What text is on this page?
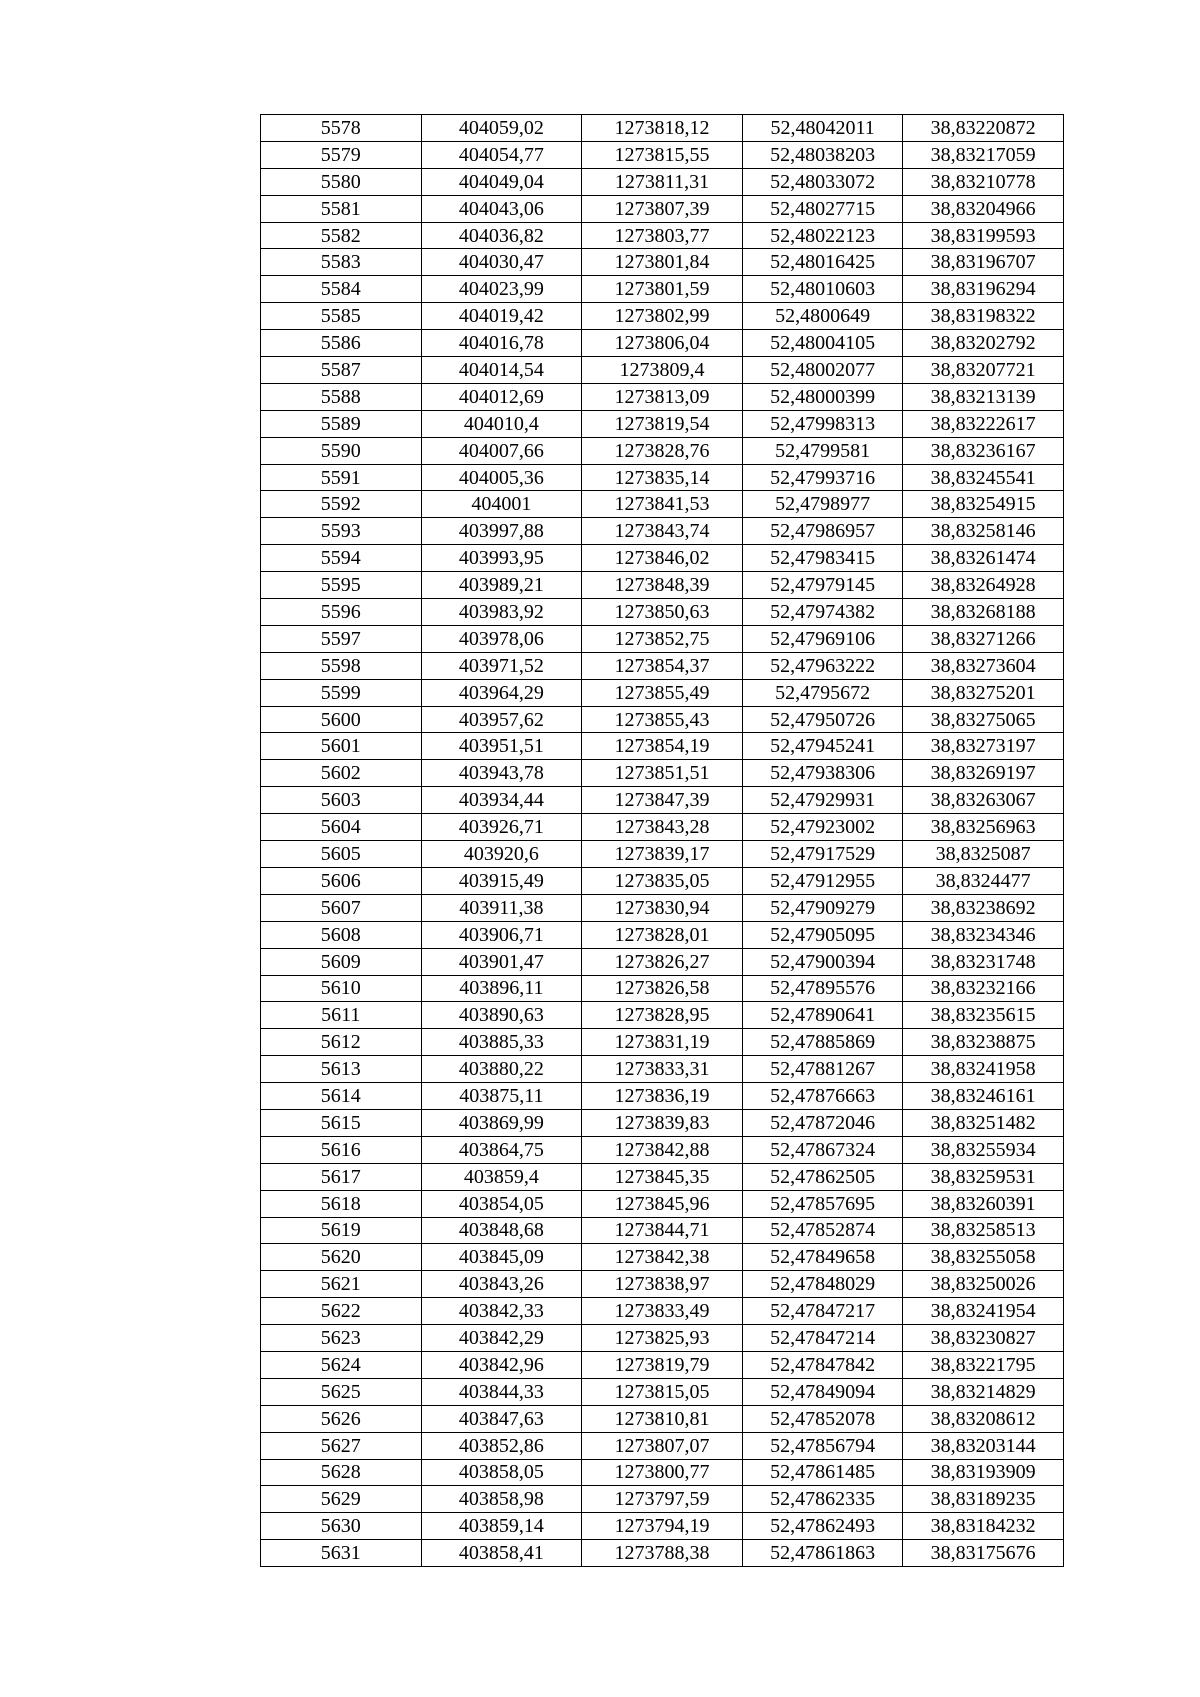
5578	404059,02	1273818,12	52,48042011	38,83220872
5579	404054,77	1273815,55	52,48038203	38,83217059
5580	404049,04	1273811,31	52,48033072	38,83210778
5581	404043,06	1273807,39	52,48027715	38,83204966
5582	404036,82	1273803,77	52,48022123	38,83199593
5583	404030,47	1273801,84	52,48016425	38,83196707
5584	404023,99	1273801,59	52,48010603	38,83196294
5585	404019,42	1273802,99	52,4800649	38,83198322
5586	404016,78	1273806,04	52,48004105	38,83202792
5587	404014,54	1273809,4	52,48002077	38,83207721
5588	404012,69	1273813,09	52,48000399	38,83213139
5589	404010,4	1273819,54	52,47998313	38,83222617
5590	404007,66	1273828,76	52,4799581	38,83236167
5591	404005,36	1273835,14	52,47993716	38,83245541
5592	404001	1273841,53	52,4798977	38,83254915
5593	403997,88	1273843,74	52,47986957	38,83258146
5594	403993,95	1273846,02	52,47983415	38,83261474
5595	403989,21	1273848,39	52,47979145	38,83264928
5596	403983,92	1273850,63	52,47974382	38,83268188
5597	403978,06	1273852,75	52,47969106	38,83271266
5598	403971,52	1273854,37	52,47963222	38,83273604
5599	403964,29	1273855,49	52,4795672	38,83275201
5600	403957,62	1273855,43	52,47950726	38,83275065
5601	403951,51	1273854,19	52,47945241	38,83273197
5602	403943,78	1273851,51	52,47938306	38,83269197
5603	403934,44	1273847,39	52,47929931	38,83263067
5604	403926,71	1273843,28	52,47923002	38,83256963
5605	403920,6	1273839,17	52,47917529	38,8325087
5606	403915,49	1273835,05	52,47912955	38,8324477
5607	403911,38	1273830,94	52,47909279	38,83238692
5608	403906,71	1273828,01	52,47905095	38,83234346
5609	403901,47	1273826,27	52,47900394	38,83231748
5610	403896,11	1273826,58	52,47895576	38,83232166
5611	403890,63	1273828,95	52,47890641	38,83235615
5612	403885,33	1273831,19	52,47885869	38,83238875
5613	403880,22	1273833,31	52,47881267	38,83241958
5614	403875,11	1273836,19	52,47876663	38,83246161
5615	403869,99	1273839,83	52,47872046	38,83251482
5616	403864,75	1273842,88	52,47867324	38,83255934
5617	403859,4	1273845,35	52,47862505	38,83259531
5618	403854,05	1273845,96	52,47857695	38,83260391
5619	403848,68	1273844,71	52,47852874	38,83258513
5620	403845,09	1273842,38	52,47849658	38,83255058
5621	403843,26	1273838,97	52,47848029	38,83250026
5622	403842,33	1273833,49	52,47847217	38,83241954
5623	403842,29	1273825,93	52,47847214	38,83230827
5624	403842,96	1273819,79	52,47847842	38,83221795
5625	403844,33	1273815,05	52,47849094	38,83214829
5626	403847,63	1273810,81	52,47852078	38,83208612
5627	403852,86	1273807,07	52,47856794	38,83203144
5628	403858,05	1273800,77	52,47861485	38,83193909
5629	403858,98	1273797,59	52,47862335	38,83189235
5630	403859,14	1273794,19	52,47862493	38,83184232
5631	403858,41	1273788,38	52,47861863	38,83175676
